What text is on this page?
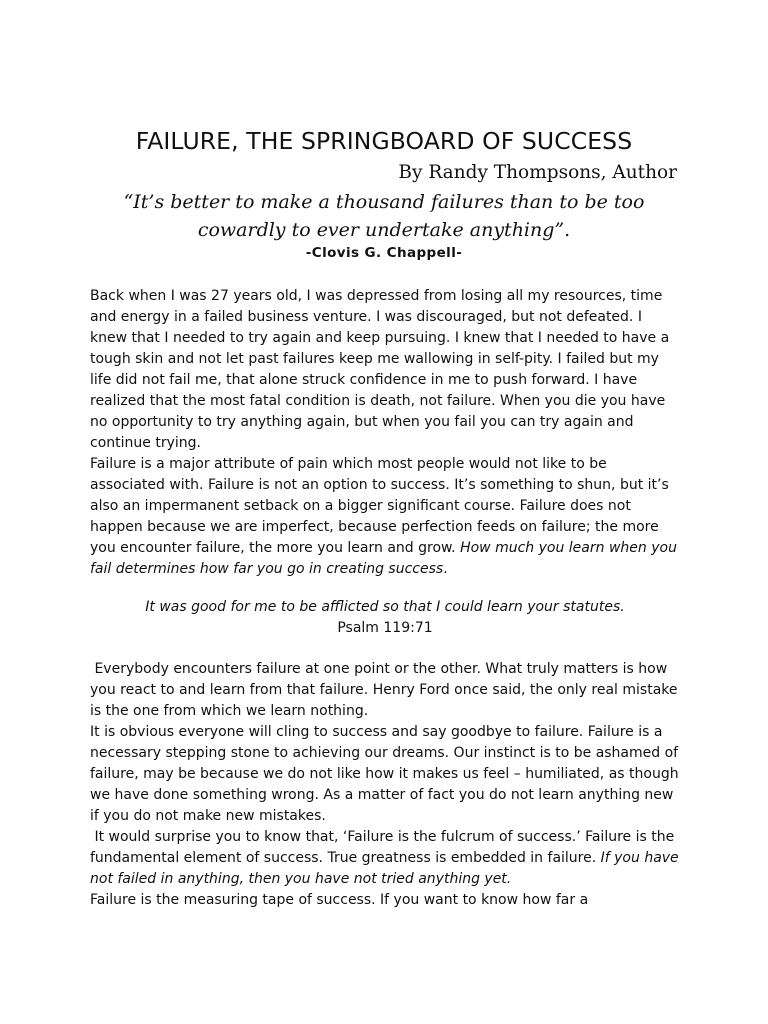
FAILURE, THE SPRINGBOARD OF SUCCESS
By Randy Thompsons, Author
“It’s better to make a thousand failures than to be too cowardly to ever undertake anything”.
-Clovis G. Chappell-

Back when I was 27 years old, I was depressed from losing all my resources, time and energy in a failed business venture. I was discouraged, but not defeated. I knew that I needed to try again and keep pursuing. I knew that I needed to have a tough skin and not let past failures keep me wallowing in self-pity. I failed but my life did not fail me, that alone struck confidence in me to push forward. I have realized that the most fatal condition is death, not failure. When you die you have no opportunity to try anything again, but when you fail you can try again and continue trying.

Failure is a major attribute of pain which most people would not like to be associated with. Failure is not an option to success. It’s something to shun, but it’s also an impermanent setback on a bigger significant course. Failure does not happen because we are imperfect, because perfection feeds on failure; the more you encounter failure, the more you learn and grow. How much you learn when you fail determines how far you go in creating success.

It was good for me to be afflicted so that I could learn your statutes.

Psalm 119:71

Everybody encounters failure at one point or the other. What truly matters is how you react to and learn from that failure. Henry Ford once said, the only real mistake is the one from which we learn nothing.

It is obvious everyone will cling to success and say goodbye to failure. Failure is a necessary stepping stone to achieving our dreams. Our instinct is to be ashamed of failure, may be because we do not like how it makes us feel – humiliated, as though we have done something wrong. As a matter of fact you do not learn anything new if you do not make new mistakes.

It would surprise you to know that, ‘Failure is the fulcrum of success.’ Failure is the fundamental element of success. True greatness is embedded in failure. If you have not failed in anything, then you have not tried anything yet.

Failure is the measuring tape of success. If you want to know how far a
